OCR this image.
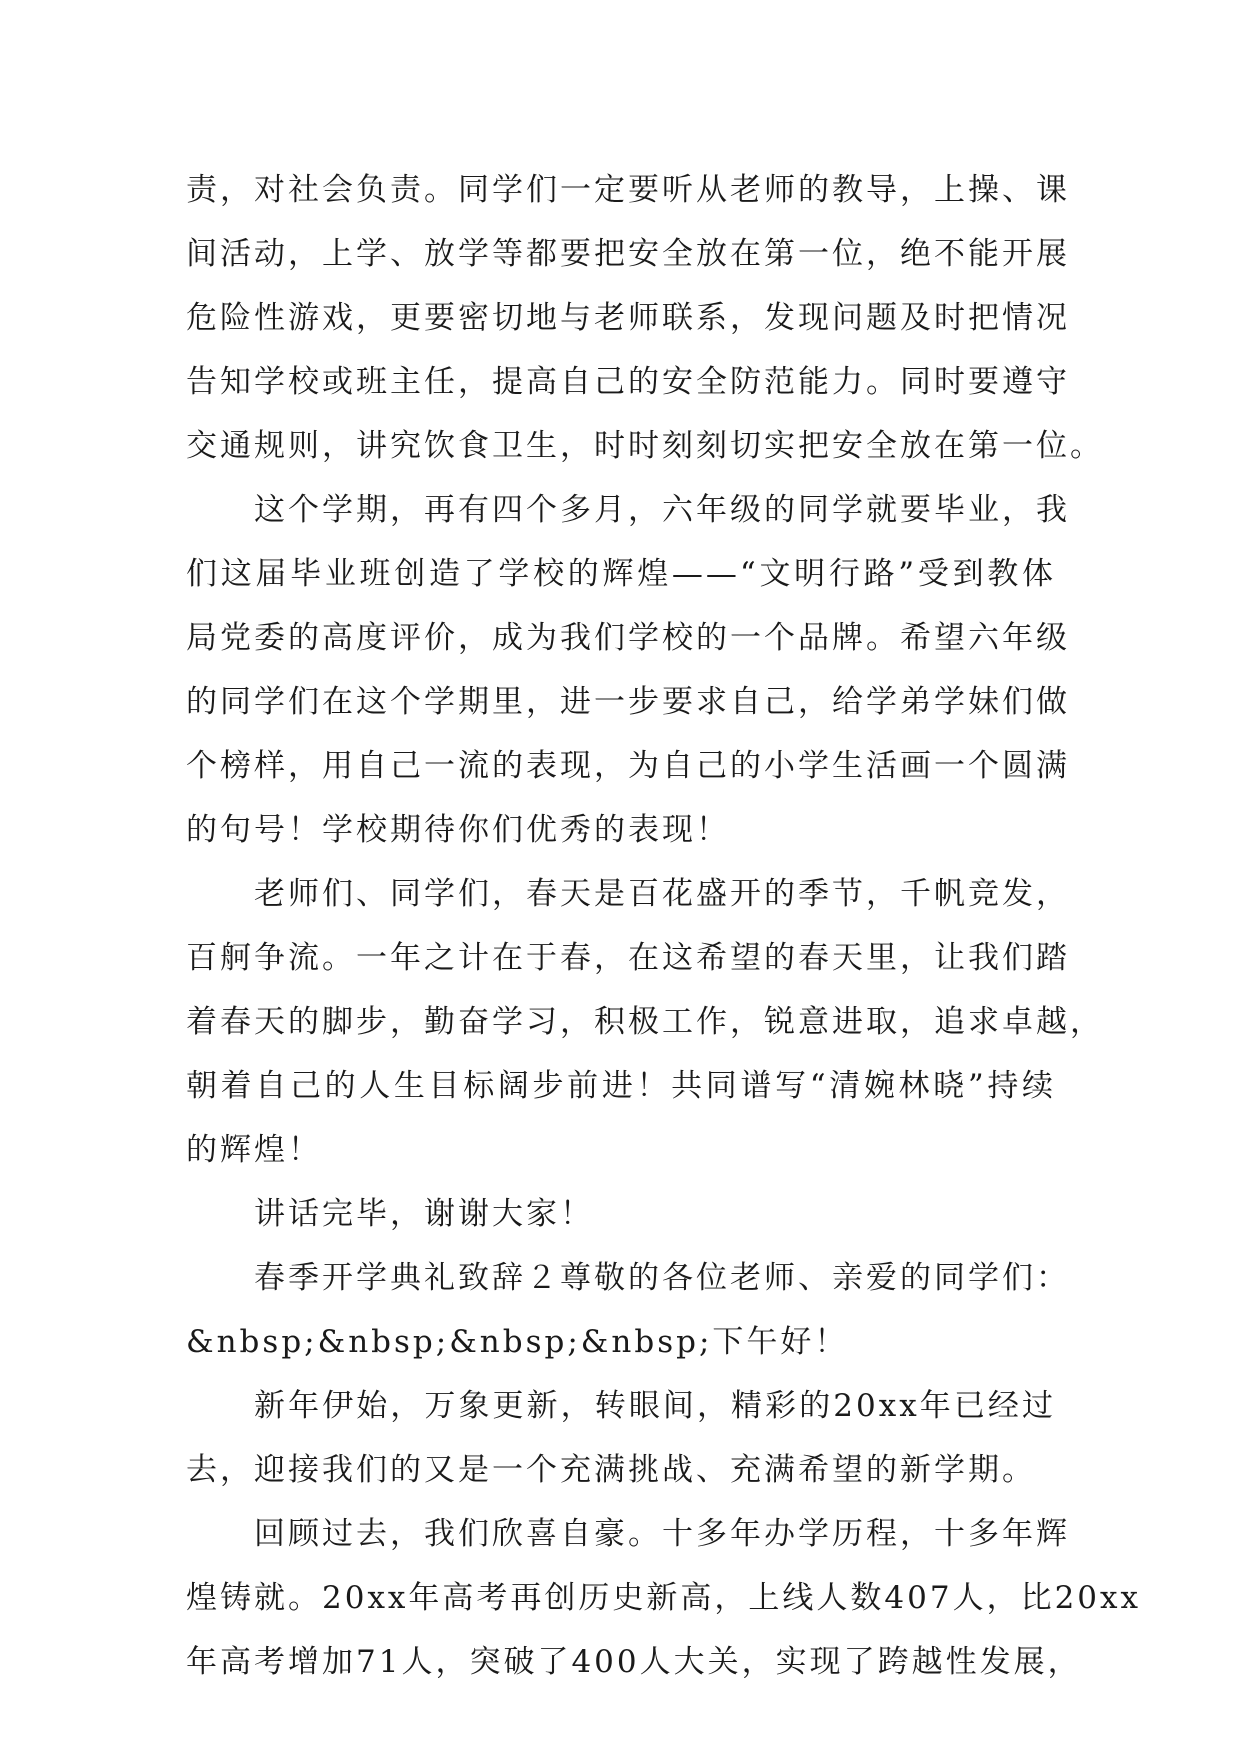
责，对社会负责。同学们一定要听从老师的教导，上操、课
间活动，上学、放学等都要把安全放在第一位，绝不能开展
危险性游戏，更要密切地与老师联系，发现问题及时把情况
告知学校或班主任，提高自己的安全防范能力。同时要遵守
交通规则，讲究饮食卫生，时时刻刻切实把安全放在第一位。
这个学期，再有四个多月，六年级的同学就要毕业，我
们这届毕业班创造了学校的辉煌——“文明行路”受到教体
局党委的高度评价，成为我们学校的一个品牌。希望六年级
的同学们在这个学期里，进一步要求自己，给学弟学妹们做
个榜样，用自己一流的表现，为自己的小学生活画一个圆满
的句号！学校期待你们优秀的表现！
老师们、同学们，春天是百花盛开的季节，千帆竞发，
百舸争流。一年之计在于春，在这希望的春天里，让我们踏
着春天的脚步，勤奋学习，积极工作，锐意进取，追求卓越，
朝着自己的人生目标阔步前进！共同谱写“清婉林晓”持续
的辉煌！
讲话完毕，谢谢大家！
春季开学典礼致辞２尊敬的各位老师、亲爱的同学们：
&nbsp;&nbsp;&nbsp;&nbsp;下午好！
新年伊始，万象更新，转眼间，精彩的20xx年已经过
去，迎接我们的又是一个充满挑战、充满希望的新学期。
回顾过去，我们欣喜自豪。十多年办学历程，十多年辉
煌铸就。20xx年高考再创历史新高，上线人数407人，比20xx
年高考增加71人，突破了400人大关，实现了跨越性发展，
